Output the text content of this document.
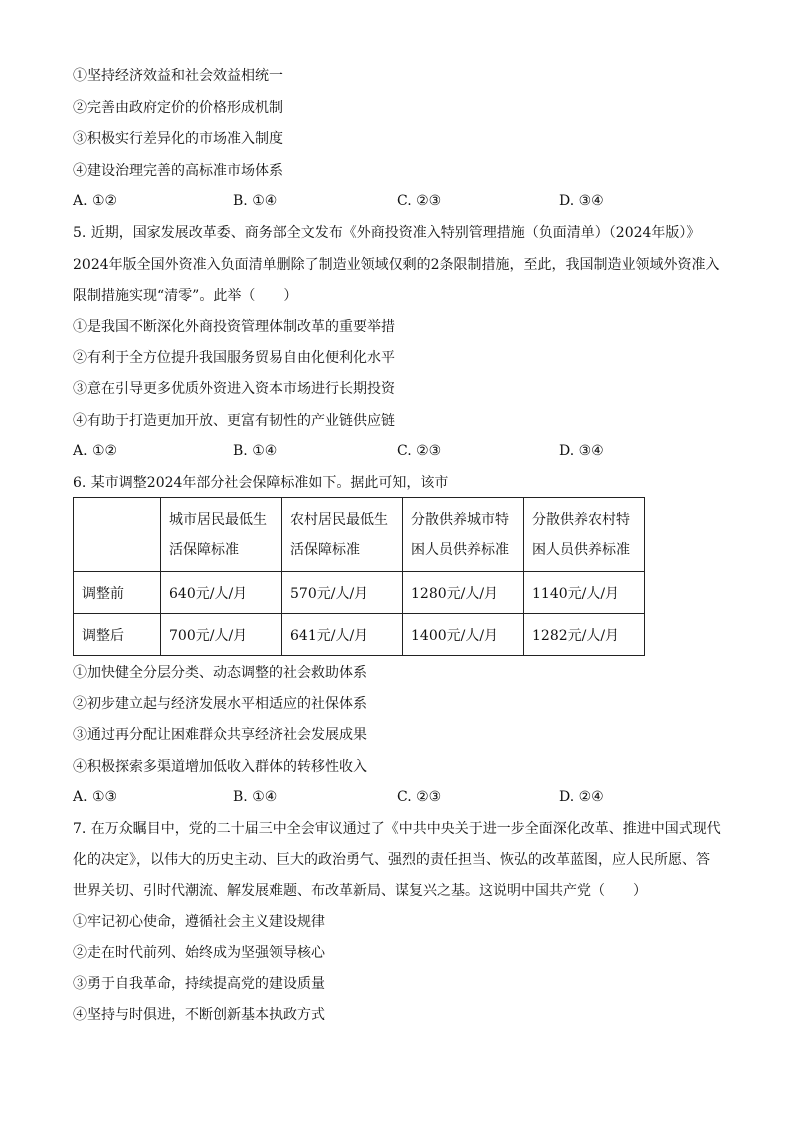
①坚持经济效益和社会效益相统一
②完善由政府定价的价格形成机制
③积极实行差异化的市场准入制度
④建设治理完善的高标准市场体系
A. ①②	B. ①④	C. ②③	D. ③④
5. 近期，国家发展改革委、商务部全文发布《外商投资准入特别管理措施（负面清单）（2024年版）》
2024年版全国外资准入负面清单删除了制造业领域仅剩的2条限制措施，至此，我国制造业领域外资准入
限制措施实现“清零”。此举（　　）
①是我国不断深化外商投资管理体制改革的重要举措
②有利于全方位提升我国服务贸易自由化便利化水平
③意在引导更多优质外资进入资本市场进行长期投资
④有助于打造更加开放、更富有韧性的产业链供应链
A. ①②	B. ①④	C. ②③	D. ③④
6. 某市调整2024年部分社会保障标准如下。据此可知，该市
	城市居民最低生活保障标准	农村居民最低生活保障标准	分散供养城市特困人员供养标准	分散供养农村特困人员供养标准
调整前	640元/人/月	570元/人/月	1280元/人/月	1140元/人/月
调整后	700元/人/月	641元/人/月	1400元/人/月	1282元/人/月
①加快健全分层分类、动态调整的社会救助体系
②初步建立起与经济发展水平相适应的社保体系
③通过再分配让困难群众共享经济社会发展成果
④积极探索多渠道增加低收入群体的转移性收入
A. ①③	B. ①④	C. ②③	D. ②④
7. 在万众瞩目中，党的二十届三中全会审议通过了《中共中央关于进一步全面深化改革、推进中国式现代
化的决定》，以伟大的历史主动、巨大的政治勇气、强烈的责任担当、恢弘的改革蓝图，应人民所愿、答
世界关切、引时代潮流、解发展难题、布改革新局、谋复兴之基。这说明中国共产党（　　）
①牢记初心使命，遵循社会主义建设规律
②走在时代前列、始终成为坚强领导核心
③勇于自我革命，持续提高党的建设质量
④坚持与时俱进，不断创新基本执政方式
